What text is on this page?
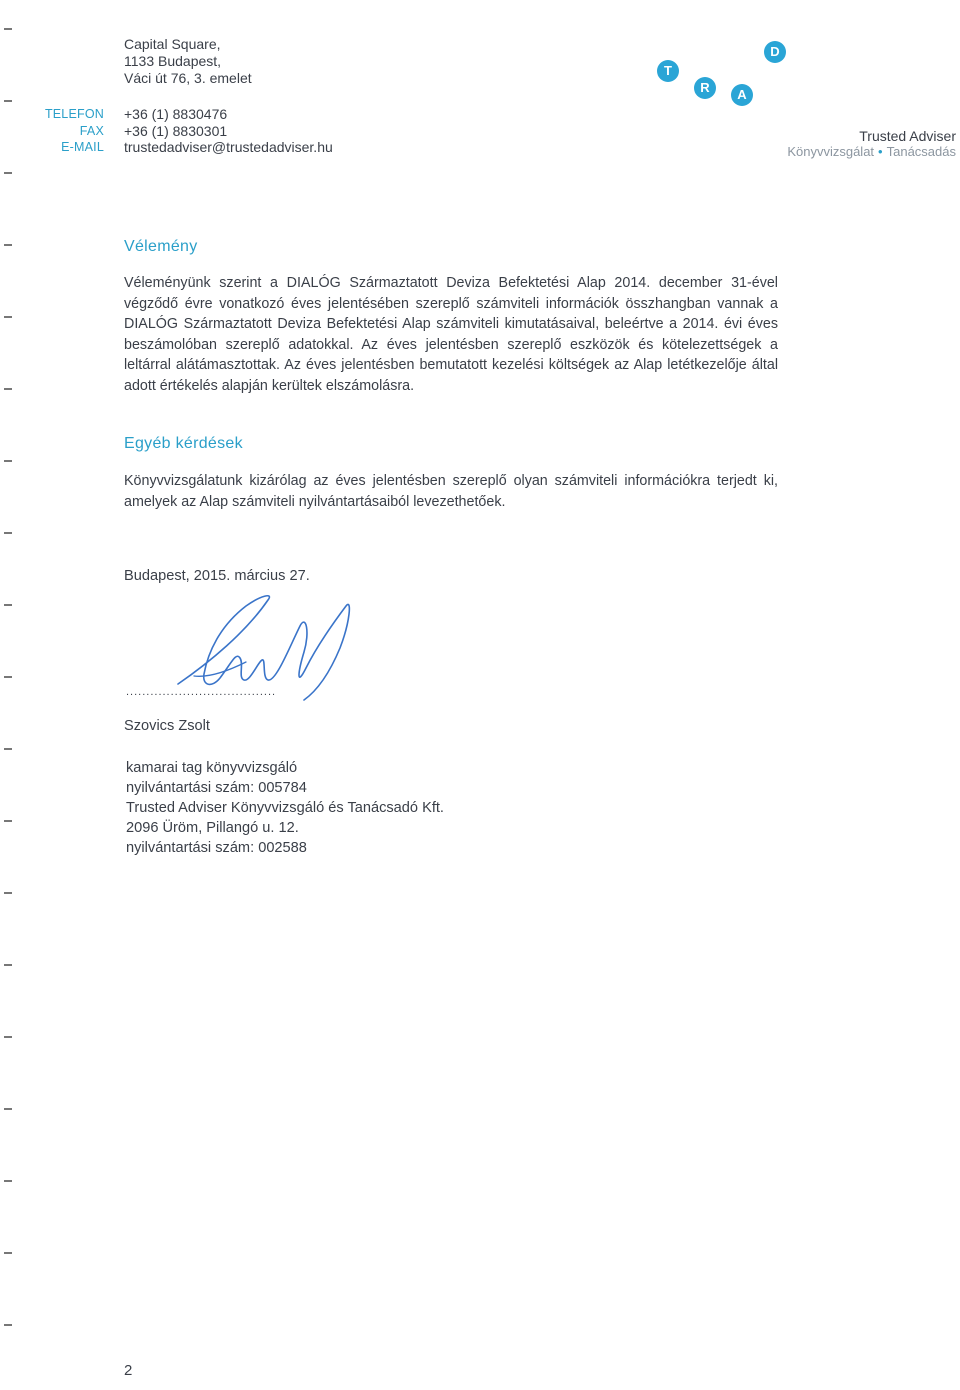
Capital Square,
1133 Budapest,
Váci út 76, 3. emelet
TELEFON
FAX
E-MAIL
+36 (1) 8830476
+36 (1) 8830301
trustedadviser@trustedadviser.hu
T
R	A
D
Trusted Adviser
Könyvvizsgálat • Tanácsadás
Vélemény
Véleményünk szerint a DIALÓG Származtatott Deviza Befektetési Alap 2014. december 31-ével végződő évre vonatkozó éves jelentésében szereplő számviteli információk összhangban vannak a DIALÓG Származtatott Deviza Befektetési Alap számviteli kimutatásaival, beleértve a 2014. évi éves beszámolóban szereplő adatokkal. Az éves jelentésben szereplő eszközök és kötelezettségek a leltárral alátámasztottak. Az éves jelentésben bemutatott kezelési költségek az Alap letétkezelője által adott értékelés alapján kerültek elszámolásra.
Egyéb kérdések
Könyvvizsgálatunk kizárólag az éves jelentésben szereplő olyan számviteli információkra terjedt ki, amelyek az Alap számviteli nyilvántartásaiból levezethetőek.
Budapest, 2015. március 27.
.....................................
Szovics Zsolt
kamarai tag könyvvizsgáló
nyilvántartási szám: 005784
Trusted Adviser Könyvvizsgáló és Tanácsadó Kft.
2096 Üröm, Pillangó u. 12.
nyilvántartási szám: 002588
2
